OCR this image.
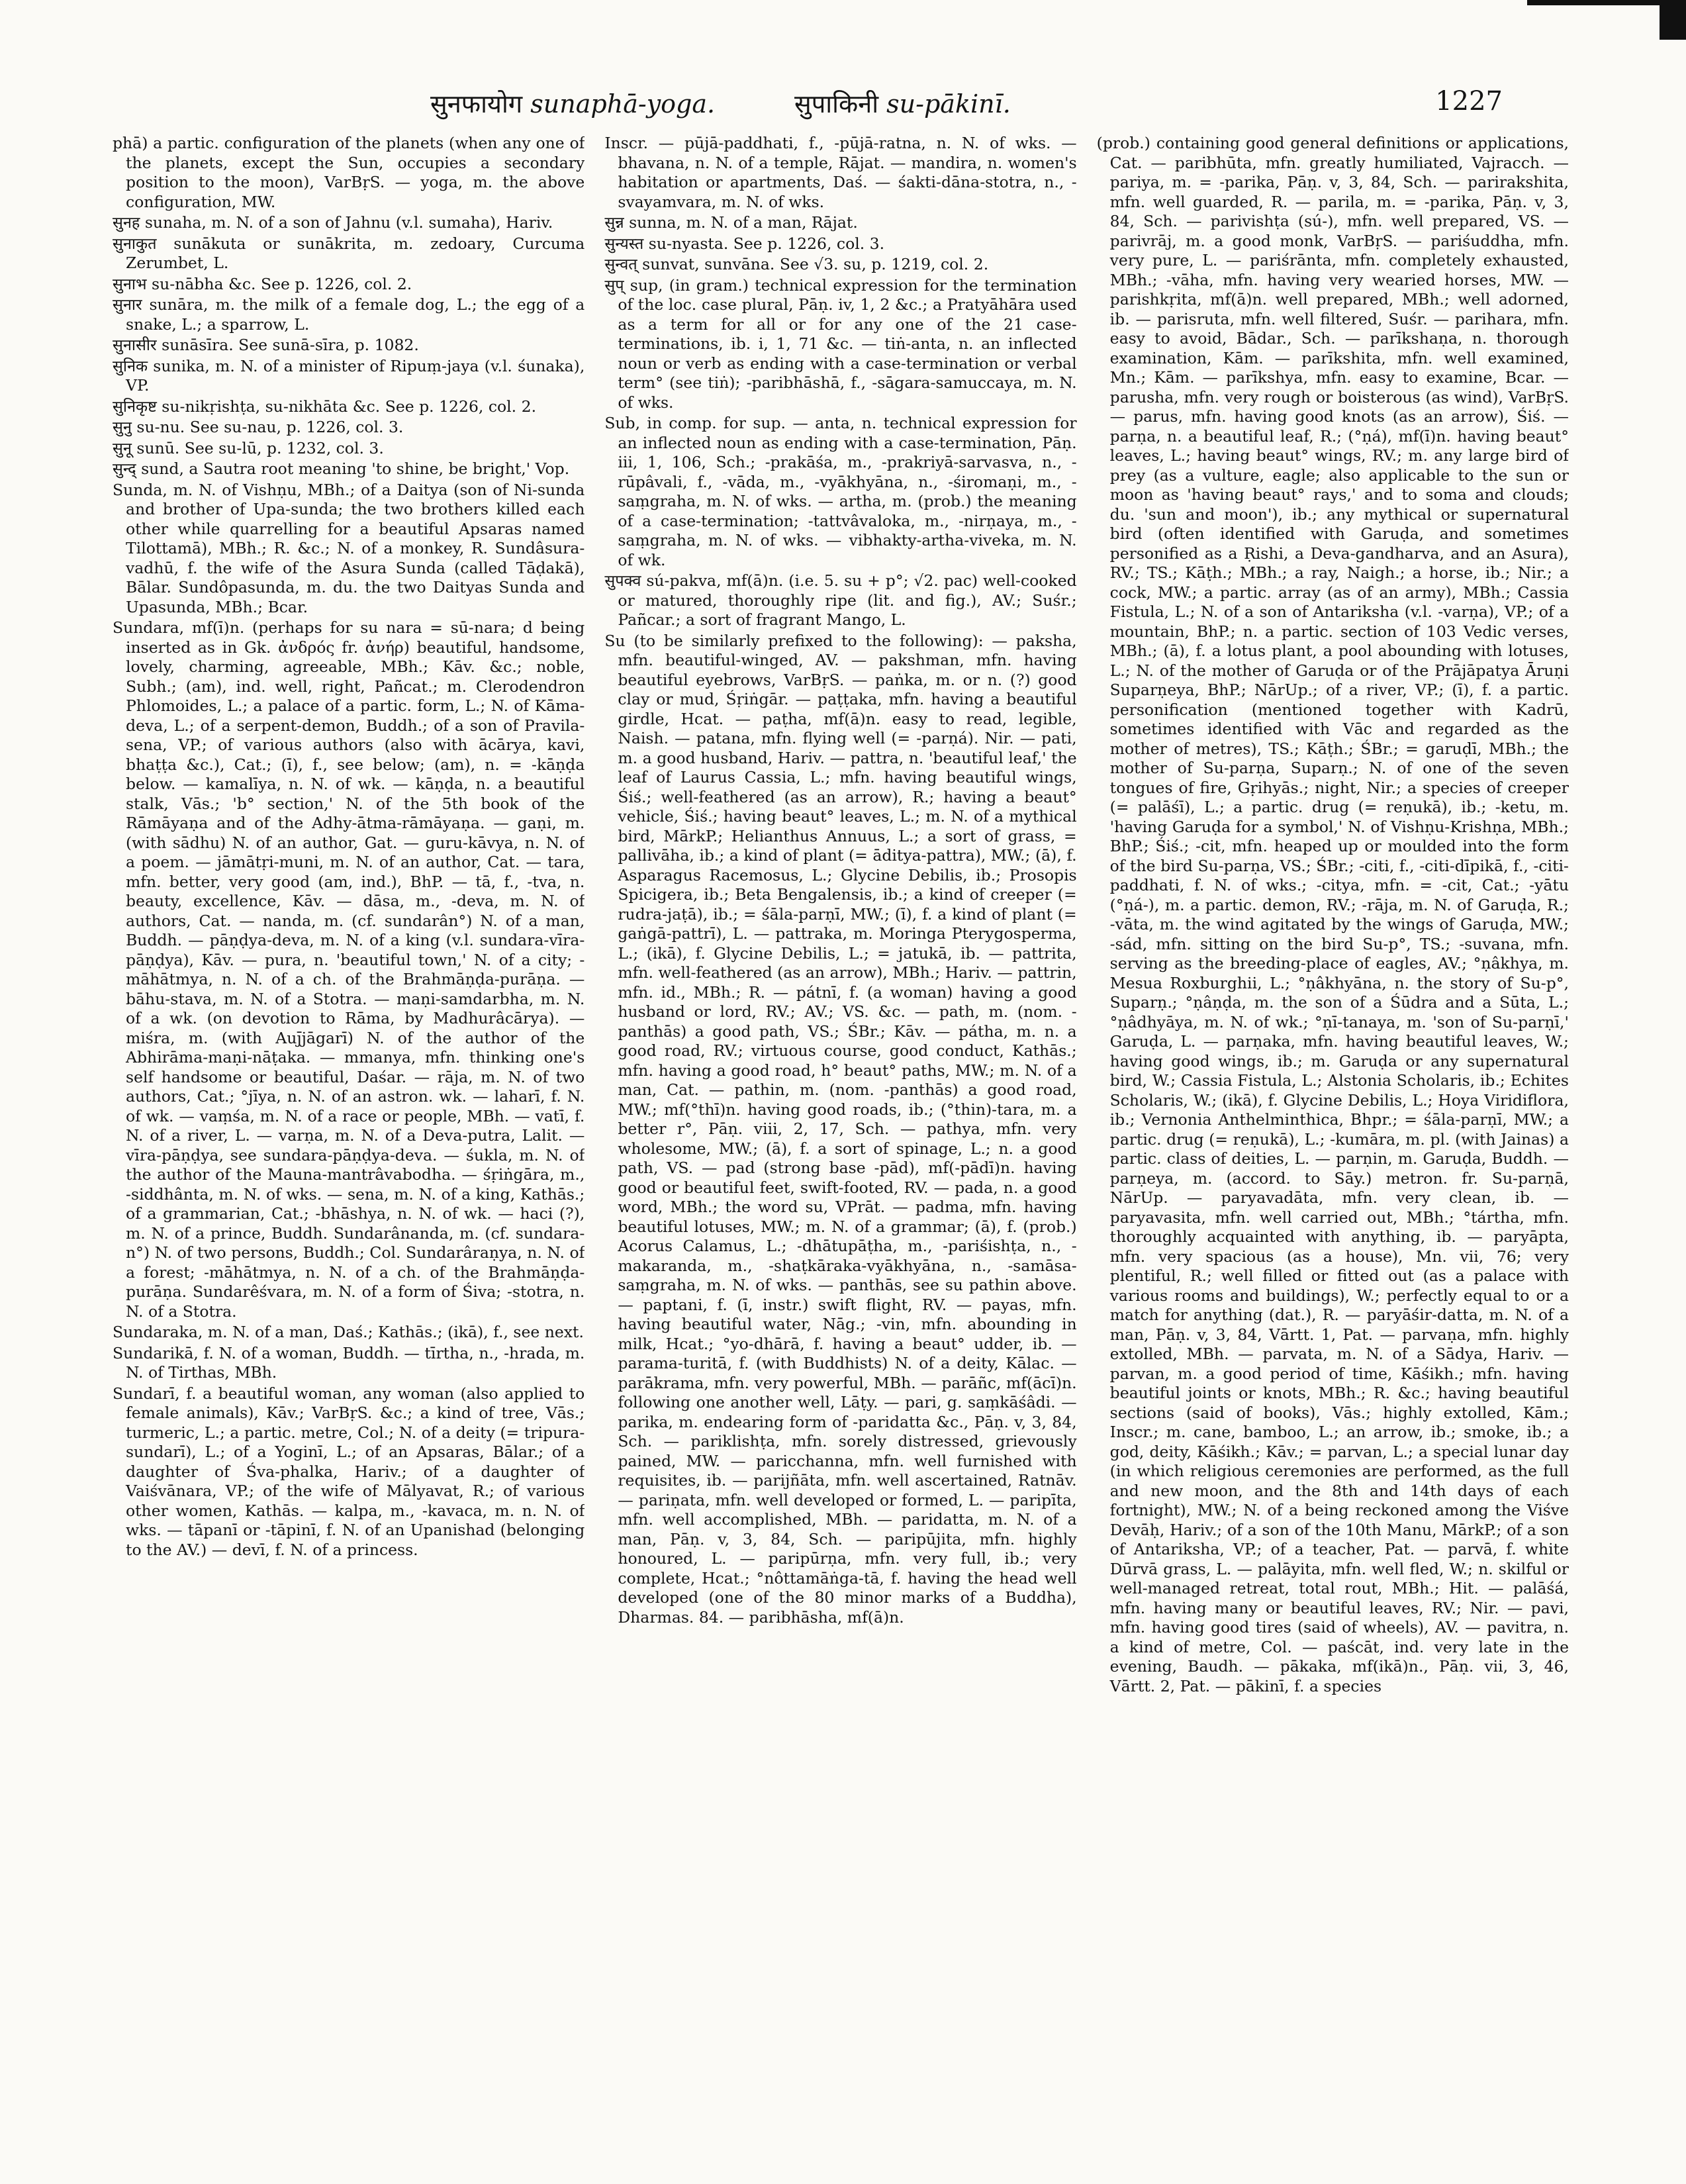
सुनफायोग sunaphā-yoga.	सुपाकिनी su-pākinī.	1227

phā) a partic. configuration of the planets (when any one of the planets, except the Sun, occupies a secondary position to the moon), VarBṛS. — yoga, m. the above configuration, MW.

सुनह sunaha, m. N. of a son of Jahnu (v.l. sumaha), Hariv.

सुनाकुत sunākuta or sunākrita, m. zedoary, Curcuma Zerumbet, L.

सुनाभ su-nābha &c. See p. 1226, col. 2.

सुनार sunāra, m. the milk of a female dog, L.; the egg of a snake, L.; a sparrow, L.

सुनासीर sunāsīra. See sunā-sīra, p. 1082.

सुनिक sunika, m. N. of a minister of Ripuṃ-jaya (v.l. śunaka), VP.

सुनिकृष्ट su-nikṛishṭa, su-nikhāta &c. See p. 1226, col. 2.

सुनु su-nu. See su-nau, p. 1226, col. 3.

सुनू sunū. See su-lū, p. 1232, col. 3.

सुन्द् sund, a Sautra root meaning 'to shine, be bright,' Vop.

Sunda, m. N. of Vishṇu, MBh.; of a Daitya (son of Ni-sunda and brother of Upa-sunda; the two brothers killed each other while quarrelling for a beautiful Apsaras named Tilottamā), MBh.; R. &c.; N. of a monkey, R. Sundâsura-vadhū, f. the wife of the Asura Sunda (called Tāḍakā), Bālar. Sundôpasunda, m. du. the two Daityas Sunda and Upasunda, MBh.; Bcar.

Sundara, mf(ī)n. (perhaps for su nara = sū-nara; d being inserted as in Gk. ἀνδρός fr. ἀνήρ) beautiful, handsome, lovely, charming, agreeable, MBh.; Kāv. &c.; noble, Subh.; (am), ind. well, right, Pañcat.; m. Clerodendron Phlomoides, L.; a palace of a partic. form, L.; N. of Kāma-deva, L.; of a serpent-demon, Buddh.; of a son of Pravila-sena, VP.; of various authors (also with ācārya, kavi, bhaṭṭa &c.), Cat.; (ī), f., see below; (am), n. = -kāṇḍa below. — kamalīya, n. N. of wk. — kāṇḍa, n. a beautiful stalk, Vās.; 'b° section,' N. of the 5th book of the Rāmāyaṇa and of the Adhy-ātma-rāmāyaṇa. — gaṇi, m. (with sādhu) N. of an author, Gat. — guru-kāvya, n. N. of a poem. — jāmātṛi-muni, m. N. of an author, Cat. — tara, mfn. better, very good (am, ind.), BhP. — tā, f., -tva, n. beauty, excellence, Kāv. — dāsa, m., -deva, m. N. of authors, Cat. — nanda, m. (cf. sundarân°) N. of a man, Buddh. — pāṇḍya-deva, m. N. of a king (v.l. sundara-vīra-pāṇḍya), Kāv. — pura, n. 'beautiful town,' N. of a city; -māhātmya, n. N. of a ch. of the Brahmāṇḍa-purāṇa. — bāhu-stava, m. N. of a Stotra. — maṇi-samdarbha, m. N. of a wk. (on devotion to Rāma, by Madhurâcārya). — miśra, m. (with Auj̄jāgarī) N. of the author of the Abhirāma-maṇi-nāṭaka. — mmanya, mfn. thinking one's self handsome or beautiful, Daśar. — rāja, m. N. of two authors, Cat.; °jīya, n. N. of an astron. wk. — laharī, f. N. of wk. — vaṃśa, m. N. of a race or people, MBh. — vatī, f. N. of a river, L. — varṇa, m. N. of a Deva-putra, Lalit. — vīra-pāṇḍya, see sundara-pāṇḍya-deva. — śukla, m. N. of the author of the Mauna-mantrâvabodha. — śṛiṅgāra, m., -siddhânta, m. N. of wks. — sena, m. N. of a king, Kathās.; of a grammarian, Cat.; -bhāshya, n. N. of wk. — haci (?), m. N. of a prince, Buddh. Sundarânanda, m. (cf. sundara-n°) N. of two persons, Buddh.; Col. Sundarâraṇya, n. N. of a forest; -māhātmya, n. N. of a ch. of the Brahmāṇḍa-purāṇa. Sundarêśvara, m. N. of a form of Śiva; -stotra, n. N. of a Stotra.

Sundaraka, m. N. of a man, Daś.; Kathās.; (ikā), f., see next.

Sundarikā, f. N. of a woman, Buddh. — tīrtha, n., -hrada, m. N. of Tirthas, MBh.

Sundarī, f. a beautiful woman, any woman (also applied to female animals), Kāv.; VarBṛS. &c.; a kind of tree, Vās.; turmeric, L.; a partic. metre, Col.; N. of a deity (= tripura-sundarī), L.; of a Yoginī, L.; of an Apsaras, Bālar.; of a daughter of Śva-phalka, Hariv.; of a daughter of Vaiśvānara, VP.; of the wife of Mālyavat, R.; of various other women, Kathās. — kalpa, m., -kavaca, m. n. N. of wks. — tāpanī or -tāpinī, f. N. of an Upanishad (belonging to the AV.) — devī, f. N. of a princess.

Inscr. — pūjā-paddhati, f., -pūjā-ratna, n. N. of wks. — bhavana, n. N. of a temple, Rājat. — mandira, n. women's habitation or apartments, Daś. — śakti-dāna-stotra, n., -svayamvara, m. N. of wks.

सुन्न sunna, m. N. of a man, Rājat.

सुन्यस्त su-nyasta. See p. 1226, col. 3.

सुन्वत् sunvat, sunvāna. See √3. su, p. 1219, col. 2.

सुप् sup, (in gram.) technical expression for the termination of the loc. case plural, Pāṇ. iv, 1, 2 &c.; a Pratyāhāra used as a term for all or for any one of the 21 case-terminations, ib. i, 1, 71 &c. — tiṅ-anta, n. an inflected noun or verb as ending with a case-termination or verbal term° (see tiṅ); -paribhāshā, f., -sāgara-samuccaya, m. N. of wks.

Sub, in comp. for sup. — anta, n. technical expression for an inflected noun as ending with a case-termination, Pāṇ. iii, 1, 106, Sch.; -prakāśa, m., -prakriyā-sarvasva, n., -rūpâvali, f., -vāda, m., -vyākhyāna, n., -śiromaṇi, m., -saṃgraha, m. N. of wks. — artha, m. (prob.) the meaning of a case-termination; -tattvâvaloka, m., -nirṇaya, m., -saṃgraha, m. N. of wks. — vibhakty-artha-viveka, m. N. of wk.

सुपक्व sú-pakva, mf(ā)n. (i.e. 5. su + p°; √2. pac) well-cooked or matured, thoroughly ripe (lit. and fig.), AV.; Suśr.; Pañcar.; a sort of fragrant Mango, L.

Su (to be similarly prefixed to the following): — paksha, mfn. beautiful-winged, AV. — pakshman, mfn. having beautiful eyebrows, VarBṛS. — paṅka, m. or n. (?) good clay or mud, Śṛiṅgār. — paṭṭaka, mfn. having a beautiful girdle, Hcat. — paṭha, mf(ā)n. easy to read, legible, Naish. — patana, mfn. flying well (= -parṇá). Nir. — pati, m. a good husband, Hariv. — pattra, n. 'beautiful leaf,' the leaf of Laurus Cassia, L.; mfn. having beautiful wings, Śiś.; well-feathered (as an arrow), R.; having a beaut° vehicle, Śiś.; having beaut° leaves, L.; m. N. of a mythical bird, MārkP.; Helianthus Annuus, L.; a sort of grass, = pallivāha, ib.; a kind of plant (= āditya-pattra), MW.; (ā), f. Asparagus Racemosus, L.; Glycine Debilis, ib.; Prosopis Spicigera, ib.; Beta Bengalensis, ib.; a kind of creeper (= rudra-jaṭā), ib.; = śāla-parṇī, MW.; (ī), f. a kind of plant (= gaṅgā-pattrī), L. — pattraka, m. Moringa Pterygosperma, L.; (ikā), f. Glycine Debilis, L.; = jatukā, ib. — pattrita, mfn. well-feathered (as an arrow), MBh.; Hariv. — pattrin, mfn. id., MBh.; R. — pátnī, f. (a woman) having a good husband or lord, RV.; AV.; VS. &c. — path, m. (nom. -panthās) a good path, VS.; ŚBr.; Kāv. — pátha, m. n. a good road, RV.; virtuous course, good conduct, Kathās.; mfn. having a good road, h° beaut° paths, MW.; m. N. of a man, Cat. — pathin, m. (nom. -panthās) a good road, MW.; mf(°thī)n. having good roads, ib.; (°thin)-tara, m. a better r°, Pāṇ. viii, 2, 17, Sch. — pathya, mfn. very wholesome, MW.; (ā), f. a sort of spinage, L.; n. a good path, VS. — pad (strong base -pād), mf(-pādī)n. having good or beautiful feet, swift-footed, RV. — pada, n. a good word, MBh.; the word su, VPrāt. — padma, mfn. having beautiful lotuses, MW.; m. N. of a grammar; (ā), f. (prob.) Acorus Calamus, L.; -dhātupāṭha, m., -pariśishṭa, n., -makaranda, m., -shaṭkāraka-vyākhyāna, n., -samāsa-saṃgraha, m. N. of wks. — panthās, see su pathin above. — paptani, f. (ī, instr.) swift flight, RV. — payas, mfn. having beautiful water, Nāg.; -vin, mfn. abounding in milk, Hcat.; °yo-dhārā, f. having a beaut° udder, ib. — parama-turitā, f. (with Buddhists) N. of a deity, Kālac. — parākrama, mfn. very powerful, MBh. — parāñc, mf(ācī)n. following one another well, Lāṭy. — pari, g. saṃkāśâdi. — parika, m. endearing form of -paridatta &c., Pāṇ. v, 3, 84, Sch. — pariklishṭa, mfn. sorely distressed, grievously pained, MW. — paricchanna, mfn. well furnished with requisites, ib. — parijñāta, mfn. well ascertained, Ratnāv. — pariṇata, mfn. well developed or formed, L. — paripīta, mfn. well accomplished, MBh. — paridatta, m. N. of a man, Pāṇ. v, 3, 84, Sch. — paripūjita, mfn. highly honoured, L. — paripūrṇa, mfn. very full, ib.; very complete, Hcat.; °nôttamāṅga-tā, f. having the head well developed (one of the 80 minor marks of a Buddha), Dharmas. 84. — paribhāsha, mf(ā)n.

(prob.) containing good general definitions or applications, Cat. — paribhūta, mfn. greatly humiliated, Vajracch. — pariya, m. = -parika, Pāṇ. v, 3, 84, Sch. — parirakshita, mfn. well guarded, R. — parila, m. = -parika, Pāṇ. v, 3, 84, Sch. — parivishṭa (sú-), mfn. well prepared, VS. — parivrāj, m. a good monk, VarBṛS. — pariśuddha, mfn. very pure, L. — pariśrānta, mfn. completely exhausted, MBh.; -vāha, mfn. having very wearied horses, MW. — parishkṛita, mf(ā)n. well prepared, MBh.; well adorned, ib. — parisruta, mfn. well filtered, Suśr. — parihara, mfn. easy to avoid, Bādar., Sch. — parīkshaṇa, n. thorough examination, Kām. — parīkshita, mfn. well examined, Mn.; Kām. — parīkshya, mfn. easy to examine, Bcar. — parusha, mfn. very rough or boisterous (as wind), VarBṛS. — parus, mfn. having good knots (as an arrow), Śiś. — parṇa, n. a beautiful leaf, R.; (°ṇá), mf(ī)n. having beaut° leaves, L.; having beaut° wings, RV.; m. any large bird of prey (as a vulture, eagle; also applicable to the sun or moon as 'having beaut° rays,' and to soma and clouds; du. 'sun and moon'), ib.; any mythical or supernatural bird (often identified with Garuḍa, and sometimes personified as a Ṛishi, a Deva-gandharva, and an Asura), RV.; TS.; Kāṭh.; MBh.; a ray, Naigh.; a horse, ib.; Nir.; a cock, MW.; a partic. array (as of an army), MBh.; Cassia Fistula, L.; N. of a son of Antariksha (v.l. -varṇa), VP.; of a mountain, BhP.; n. a partic. section of 103 Vedic verses, MBh.; (ā), f. a lotus plant, a pool abounding with lotuses, L.; N. of the mother of Garuḍa or of the Prājāpatya Āruṇi Suparṇeya, BhP.; NārUp.; of a river, VP.; (ī), f. a partic. personification (mentioned together with Kadrū, sometimes identified with Vāc and regarded as the mother of metres), TS.; Kāṭh.; ŚBr.; = garuḍī, MBh.; the mother of Su-parṇa, Suparṇ.; N. of one of the seven tongues of fire, Gṛihyās.; night, Nir.; a species of creeper (= palāśī), L.; a partic. drug (= reṇukā), ib.; -ketu, m. 'having Garuḍa for a symbol,' N. of Vishṇu-Krishṇa, MBh.; BhP.; Śiś.; -cit, mfn. heaped up or moulded into the form of the bird Su-parṇa, VS.; ŚBr.; -citi, f., -citi-dīpikā, f., -citi-paddhati, f. N. of wks.; -citya, mfn. = -cit, Cat.; -yātu (°ṇá-), m. a partic. demon, RV.; -rāja, m. N. of Garuḍa, R.; -vāta, m. the wind agitated by the wings of Garuḍa, MW.; -sád, mfn. sitting on the bird Su-p°, TS.; -suvana, mfn. serving as the breeding-place of eagles, AV.; °ṇâkhya, m. Mesua Roxburghii, L.; °ṇâkhyāna, n. the story of Su-p°, Suparṇ.; °ṇâṇḍa, m. the son of a Śūdra and a Sūta, L.; °ṇâdhyāya, m. N. of wk.; °ṇī-tanaya, m. 'son of Su-parṇī,' Garuḍa, L. — parṇaka, mfn. having beautiful leaves, W.; having good wings, ib.; m. Garuḍa or any supernatural bird, W.; Cassia Fistula, L.; Alstonia Scholaris, ib.; Echites Scholaris, W.; (ikā), f. Glycine Debilis, L.; Hoya Viridiflora, ib.; Vernonia Anthelminthica, Bhpr.; = śāla-parṇī, MW.; a partic. drug (= reṇukā), L.; -kumāra, m. pl. (with Jainas) a partic. class of deities, L. — parṇin, m. Garuḍa, Buddh. — parṇeya, m. (accord. to Sāy.) metron. fr. Su-parṇā, NārUp. — paryavadāta, mfn. very clean, ib. — paryavasita, mfn. well carried out, MBh.; °tártha, mfn. thoroughly acquainted with anything, ib. — paryāpta, mfn. very spacious (as a house), Mn. vii, 76; very plentiful, R.; well filled or fitted out (as a palace with various rooms and buildings), W.; perfectly equal to or a match for anything (dat.), R. — paryāśir-datta, m. N. of a man, Pāṇ. v, 3, 84, Vārtt. 1, Pat. — parvaṇa, mfn. highly extolled, MBh. — parvata, m. N. of a Sādya, Hariv. — parvan, m. a good period of time, Kāśikh.; mfn. having beautiful joints or knots, MBh.; R. &c.; having beautiful sections (said of books), Vās.; highly extolled, Kām.; Inscr.; m. cane, bamboo, L.; an arrow, ib.; smoke, ib.; a god, deity, Kāśikh.; Kāv.; = parvan, L.; a special lunar day (in which religious ceremonies are performed, as the full and new moon, and the 8th and 14th days of each fortnight), MW.; N. of a being reckoned among the Viśve Devāḥ, Hariv.; of a son of the 10th Manu, MārkP.; of a son of Antariksha, VP.; of a teacher, Pat. — parvā, f. white Dūrvā grass, L. — palāyita, mfn. well fled, W.; n. skilful or well-managed retreat, total rout, MBh.; Hit. — palāśá, mfn. having many or beautiful leaves, RV.; Nir. — pavi, mfn. having good tires (said of wheels), AV. — pavitra, n. a kind of metre, Col. — paścāt, ind. very late in the evening, Baudh. — pākaka, mf(ikā)n., Pāṇ. vii, 3, 46, Vārtt. 2, Pat. — pākinī, f. a species
